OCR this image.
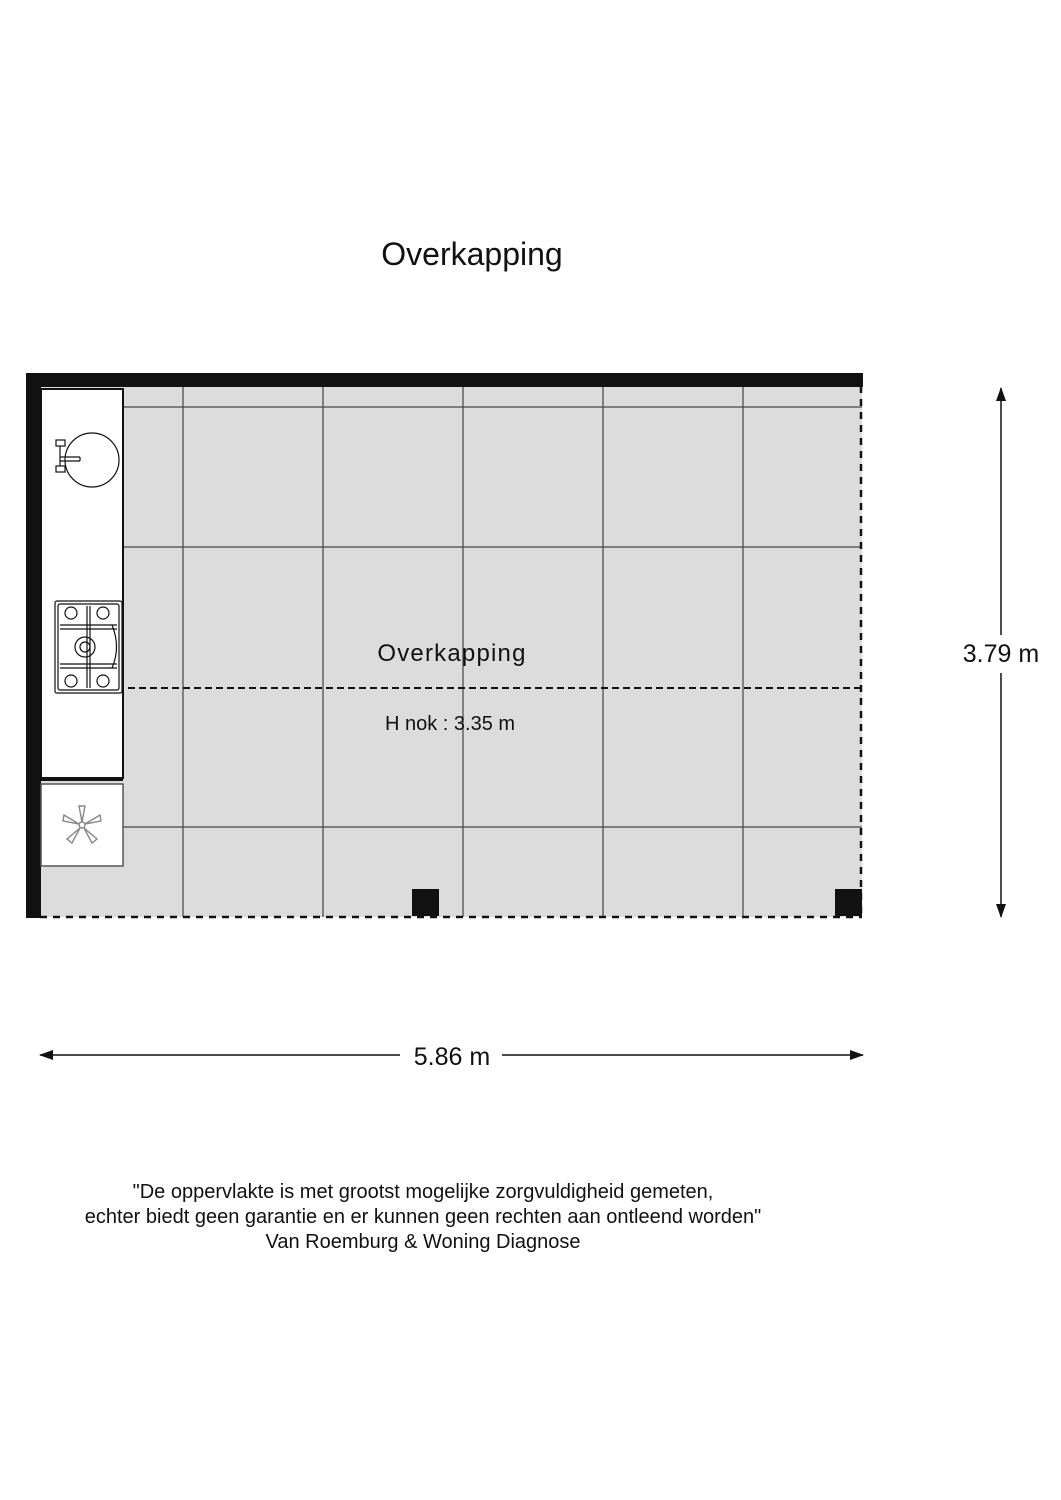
Overkapping
Overkapping
H nok : 3.35 m
3.79 m
5.86 m
"De oppervlakte is met grootst mogelijke zorgvuldigheid gemeten,
echter biedt geen garantie en er kunnen geen rechten aan ontleend worden"
Van Roemburg & Woning Diagnose
